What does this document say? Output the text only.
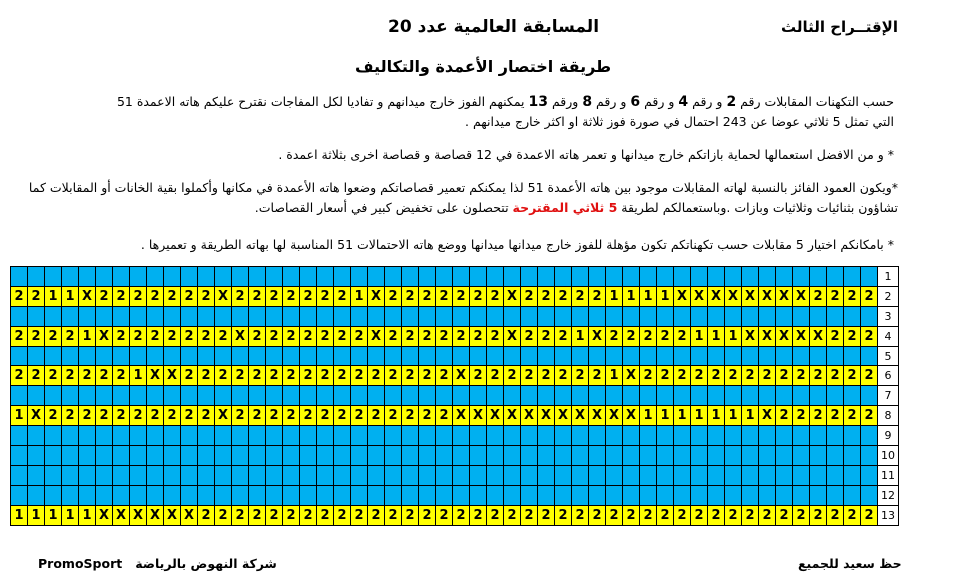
الإقتــراح الثالث
المسابقة العالمية عدد 20
طريقة اختصار الأعمدة والتكاليف

حسب التكهنات المقابلات رقم 2 و رقم 4 و رقم 6 و رقم 8 ورقم 13 يمكنهم الفوز خارج ميدانهم و تفاديا لكل المفاجات نقترح عليكم هاته الاعمدة 51
التي تمثل 5 ثلاثي عوضا عن 243 احتمال في صورة فوز ثلاثة او اكثر خارج ميدانهم .

* و من الافضل استعمالها لحماية بازاتكم خارج ميدانها و تعمر هاته الاعمدة في 12 قصاصة و قصاصة اخرى بثلاثة اعمدة .

*ويكون العمود الفائز بالنسبة لهاته المقابلات موجود بين هاته الأعمدة 51 لذا يمكنكم تعمير قصاصاتكم وضعوا هاته الأعمدة في مكانها وأكملوا بقية الخانات أو المقابلات كما تشاؤون بثنائيات وثلاثيات وبازات .وباستعمالكم لطريقة 5 ثلاثي المقترحة تتحصلون على تخفيض كبير في أسعار القصاصات.

* بامكانكم اختيار 5 مقابلات حسب تكهناتكم تكون مؤهلة للفوز خارج ميدانها ميدانها ووضع هاته الاحتمالات 51 المناسبة لها بهاته الطريقة و تعميرها .

																																																			1
2	2	1	1	X	2	2	2	2	2	2	2	X	2	2	2	2	2	2	2	1	X	2	2	2	2	2	2	2	X	2	2	2	2	2	1	1	1	1	X	X	X	X	X	X	X	X	2	2	2	2	2
																																																			3
2	2	2	2	1	X	2	2	2	2	2	2	2	X	2	2	2	2	2	2	2	X	2	2	2	2	2	2	2	X	2	2	2	1	X	2	2	2	2	2	1	1	1	X	X	X	X	X	2	2	2	4
																																																			5
2	2	2	2	2	2	2	1	X	X	2	2	2	2	2	2	2	2	2	2	2	2	2	2	2	2	X	2	2	2	2	2	2	2	2	1	X	2	2	2	2	2	2	2	2	2	2	2	2	2	2	6
																																																			7
1	X	2	2	2	2	2	2	2	2	2	2	X	2	2	2	2	2	2	2	2	2	2	2	2	2	X	X	X	X	X	X	X	X	X	X	X	1	1	1	1	1	1	1	X	2	2	2	2	2	2	8
																																																			9
																																																			10
																																																			11
																																																			12
1	1	1	1	1	X	X	X	X	X	X	2	2	2	2	2	2	2	2	2	2	2	2	2	2	2	2	2	2	2	2	2	2	2	2	2	2	2	2	2	2	2	2	2	2	2	2	2	2	2	2	13
PromoSport شركة النهوض بالرياضة	حظ سعيد للجميع
